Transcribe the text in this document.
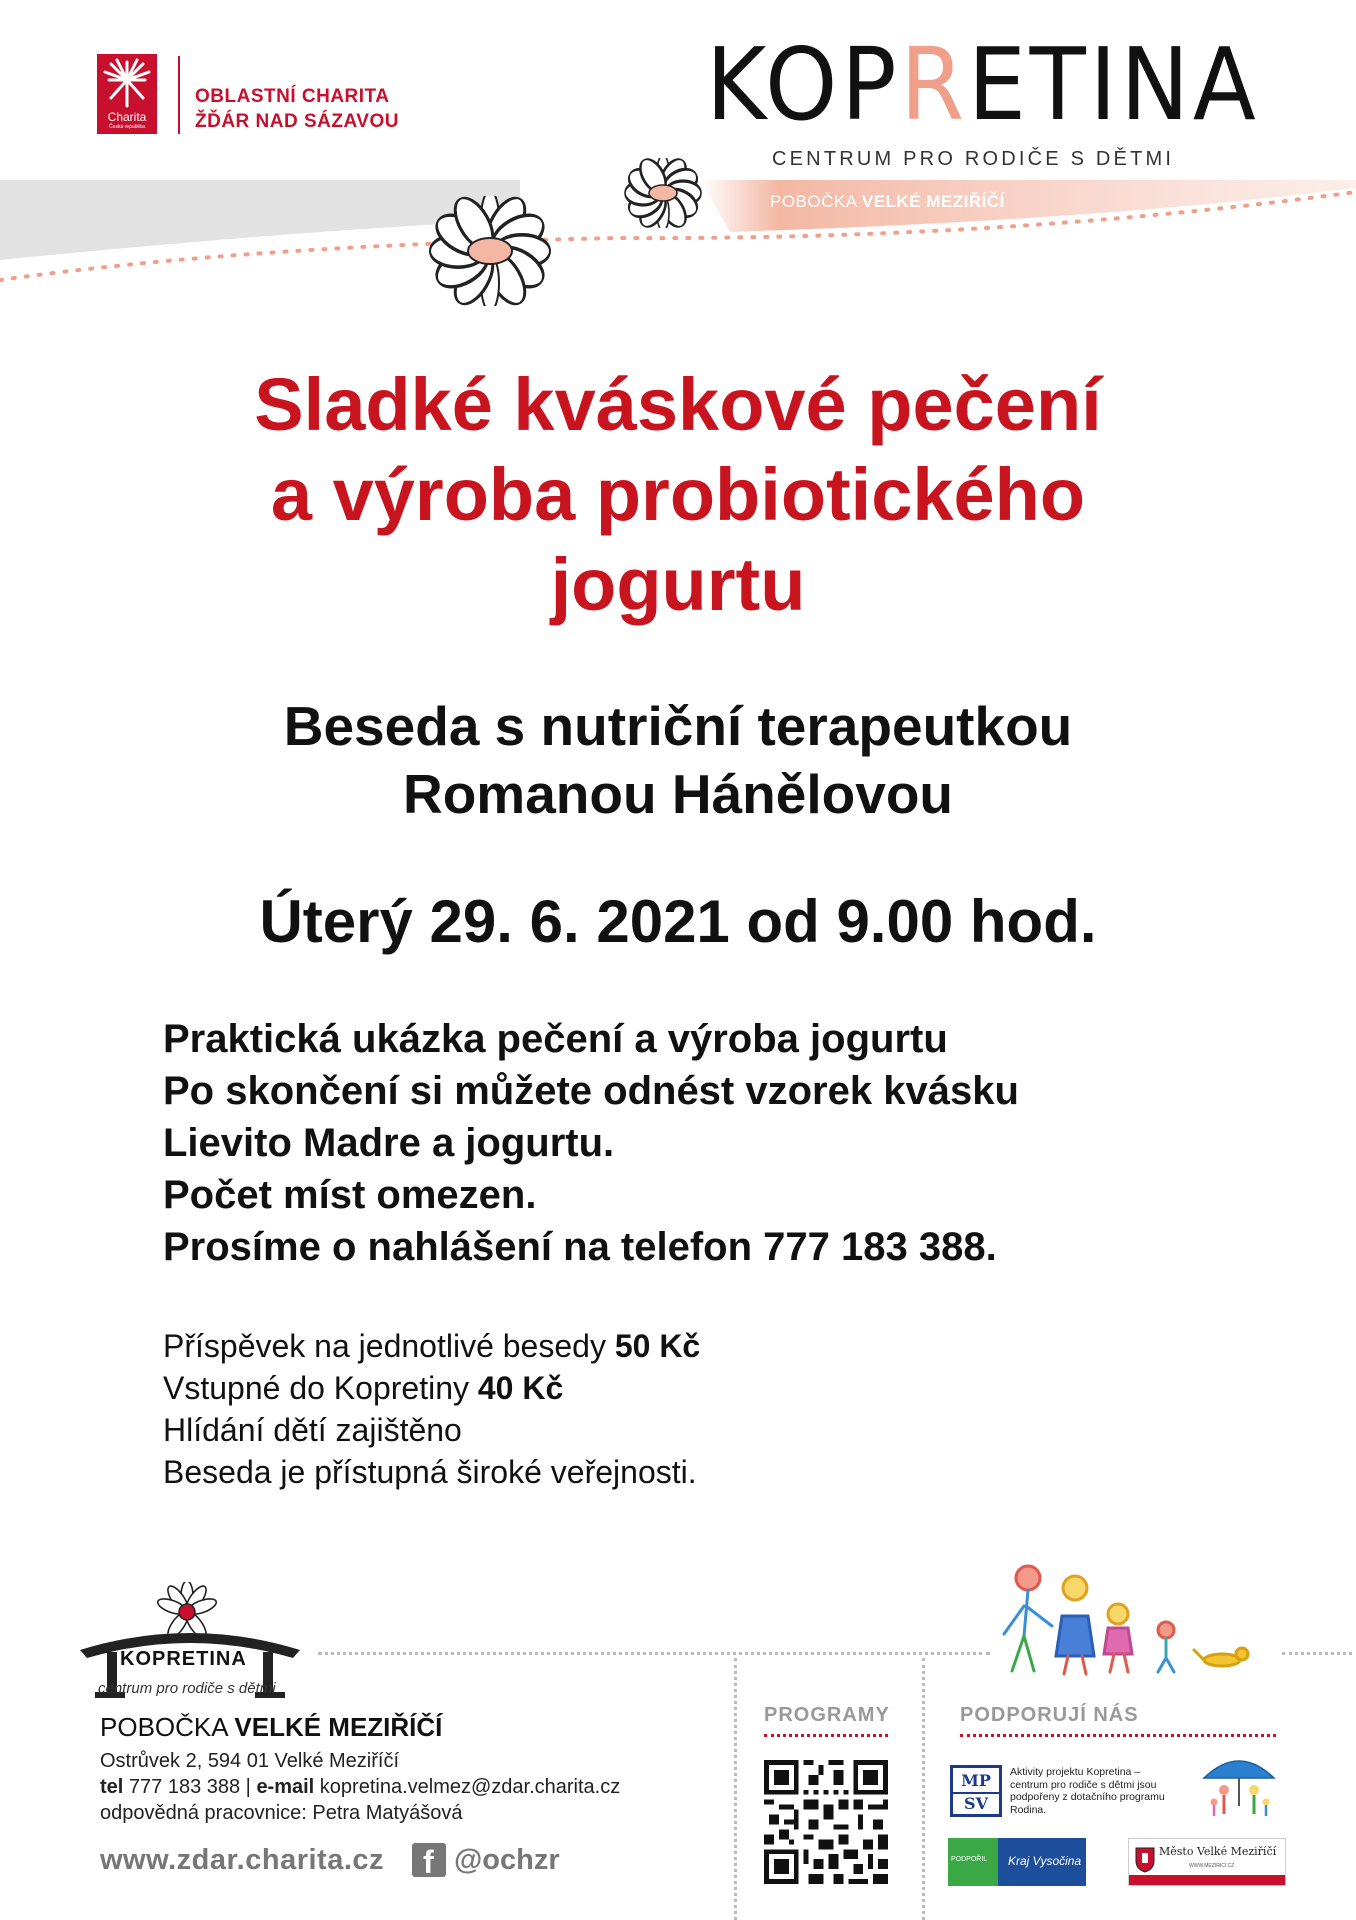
Charita
Česká republika
OBLASTNÍ CHARITA
ŽĎÁR NAD SÁZAVOU	KOPRETINA
CENTRUM PRO RODIČE S DĚTMI
POBOČKA VELKÉ MEZIŘÍČÍ
Sladké kváskové pečení
a výroba probiotického
jogurtu
Beseda s nutriční terapeutkou
Romanou Hánělovou
Úterý 29. 6. 2021 od 9.00 hod.
Praktická ukázka pečení a výroba jogurtu
Po skončení si můžete odnést vzorek kvásku
Lievito Madre a jogurtu.
Počet míst omezen.
Prosíme o nahlášení na telefon 777 183 388.
Příspěvek na jednotlivé besedy 50 Kč
Vstupné do Kopretiny 40 Kč
Hlídání dětí zajištěno
Beseda je přístupná široké veřejnosti.
KOPRETINA
centrum pro rodiče s dětmi
POBOČKA VELKÉ MEZIŘÍČÍ
Ostrůvek 2, 594 01 Velké Meziříčí
tel 777 183 388 | e-mail kopretina.velmez@zdar.charita.cz
odpovědná pracovnice: Petra Matyášová
www.zdar.charita.cz f @ochzr
PROGRAMY	PODPORUJÍ NÁS
MP
SV
Aktivity projektu Kopretina – centrum pro rodiče s dětmi jsou podpořeny z dotačního programu Rodina.
PODPOŘIL Kraj Vysočina
Město Velké Meziříčí
WWW.MEZIRICI.CZ
